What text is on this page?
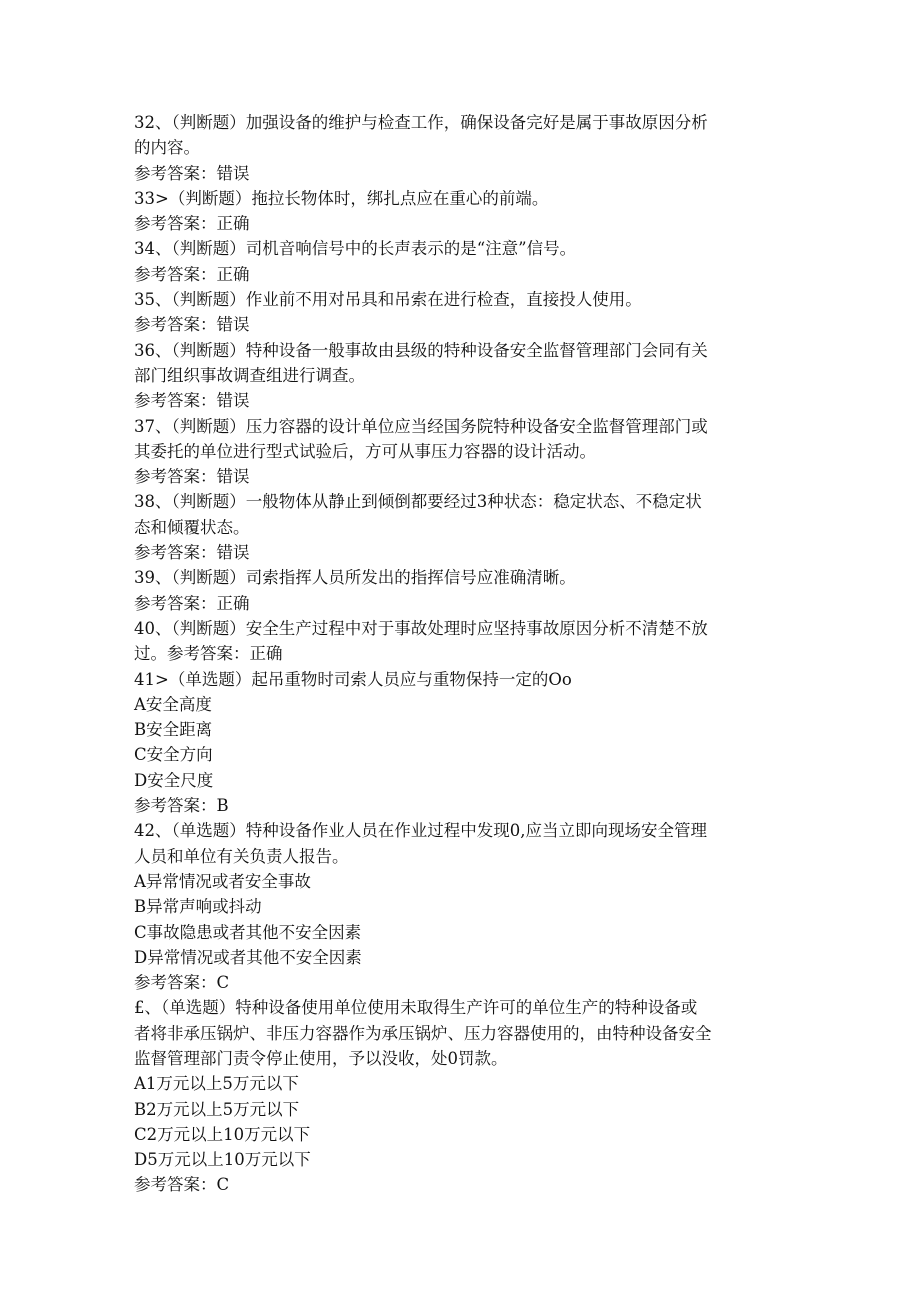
32、（判断题）加强设备的维护与检查工作，确保设备完好是属于事故原因分析
的内容。
参考答案：错误
33>（判断题）拖拉长物体时，绑扎点应在重心的前端。
参考答案：正确
34、（判断题）司机音响信号中的长声表示的是“注意”信号。
参考答案：正确
35、（判断题）作业前不用对吊具和吊索在进行检查，直接投人使用。
参考答案：错误
36、（判断题）特种设备一般事故由县级的特种设备安全监督管理部门会同有关
部门组织事故调查组进行调查。
参考答案：错误
37、（判断题）压力容器的设计单位应当经国务院特种设备安全监督管理部门或
其委托的单位进行型式试验后，方可从事压力容器的设计活动。
参考答案：错误
38、（判断题）一般物体从静止到倾倒都要经过3种状态：稳定状态、不稳定状
态和倾覆状态。
参考答案：错误
39、（判断题）司索指挥人员所发出的指挥信号应准确清晰。
参考答案：正确
40、（判断题）安全生产过程中对于事故处理时应坚持事故原因分析不清楚不放
过。参考答案：正确
41>（单选题）起吊重物时司索人员应与重物保持一定的Oo
A安全高度
B安全距离
C安全方向
D安全尺度
参考答案：B
42、（单选题）特种设备作业人员在作业过程中发现0,应当立即向现场安全管理
人员和单位有关负责人报告。
A异常情况或者安全事故
B异常声响或抖动
C事故隐患或者其他不安全因素
D异常情况或者其他不安全因素
参考答案：C
£、（单选题）特种设备使用单位使用未取得生产许可的单位生产的特种设备或
者将非承压锅炉、非压力容器作为承压锅炉、压力容器使用的，由特种设备安全
监督管理部门责令停止使用，予以没收，处0罚款。
A1万元以上5万元以下
B2万元以上5万元以下
C2万元以上10万元以下
D5万元以上10万元以下
参考答案：C
